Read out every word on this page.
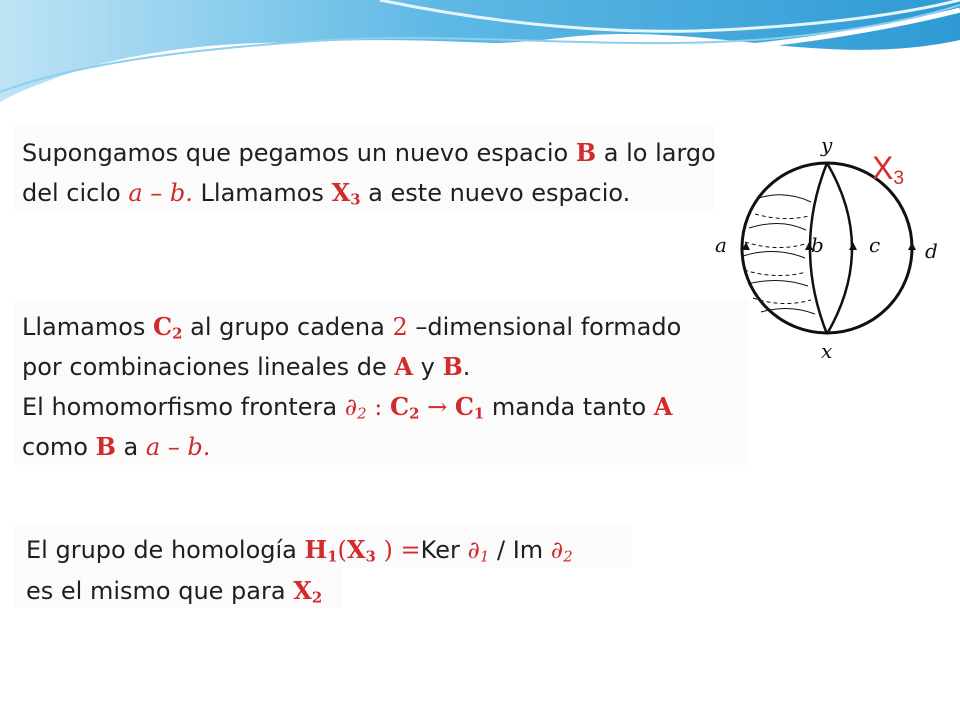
Supongamos que pegamos un nuevo espacio B a lo largo
del ciclo a – b. Llamamos $X_3$ a este nuevo espacio.
Llamamos $C_2$ al grupo cadena 2 –dimensional formado
por combinaciones lineales de A y B.
El homomorfismo frontera $\partial_2$ : $C_2 \to C_1$ manda tanto A
como B a a – b.
El grupo de homología $H_1(X_3$ ) =Ker $\partial_1$ / Im $\partial_2$
es el mismo que para $X_2$
y
x
a	b c d
$X_3$
